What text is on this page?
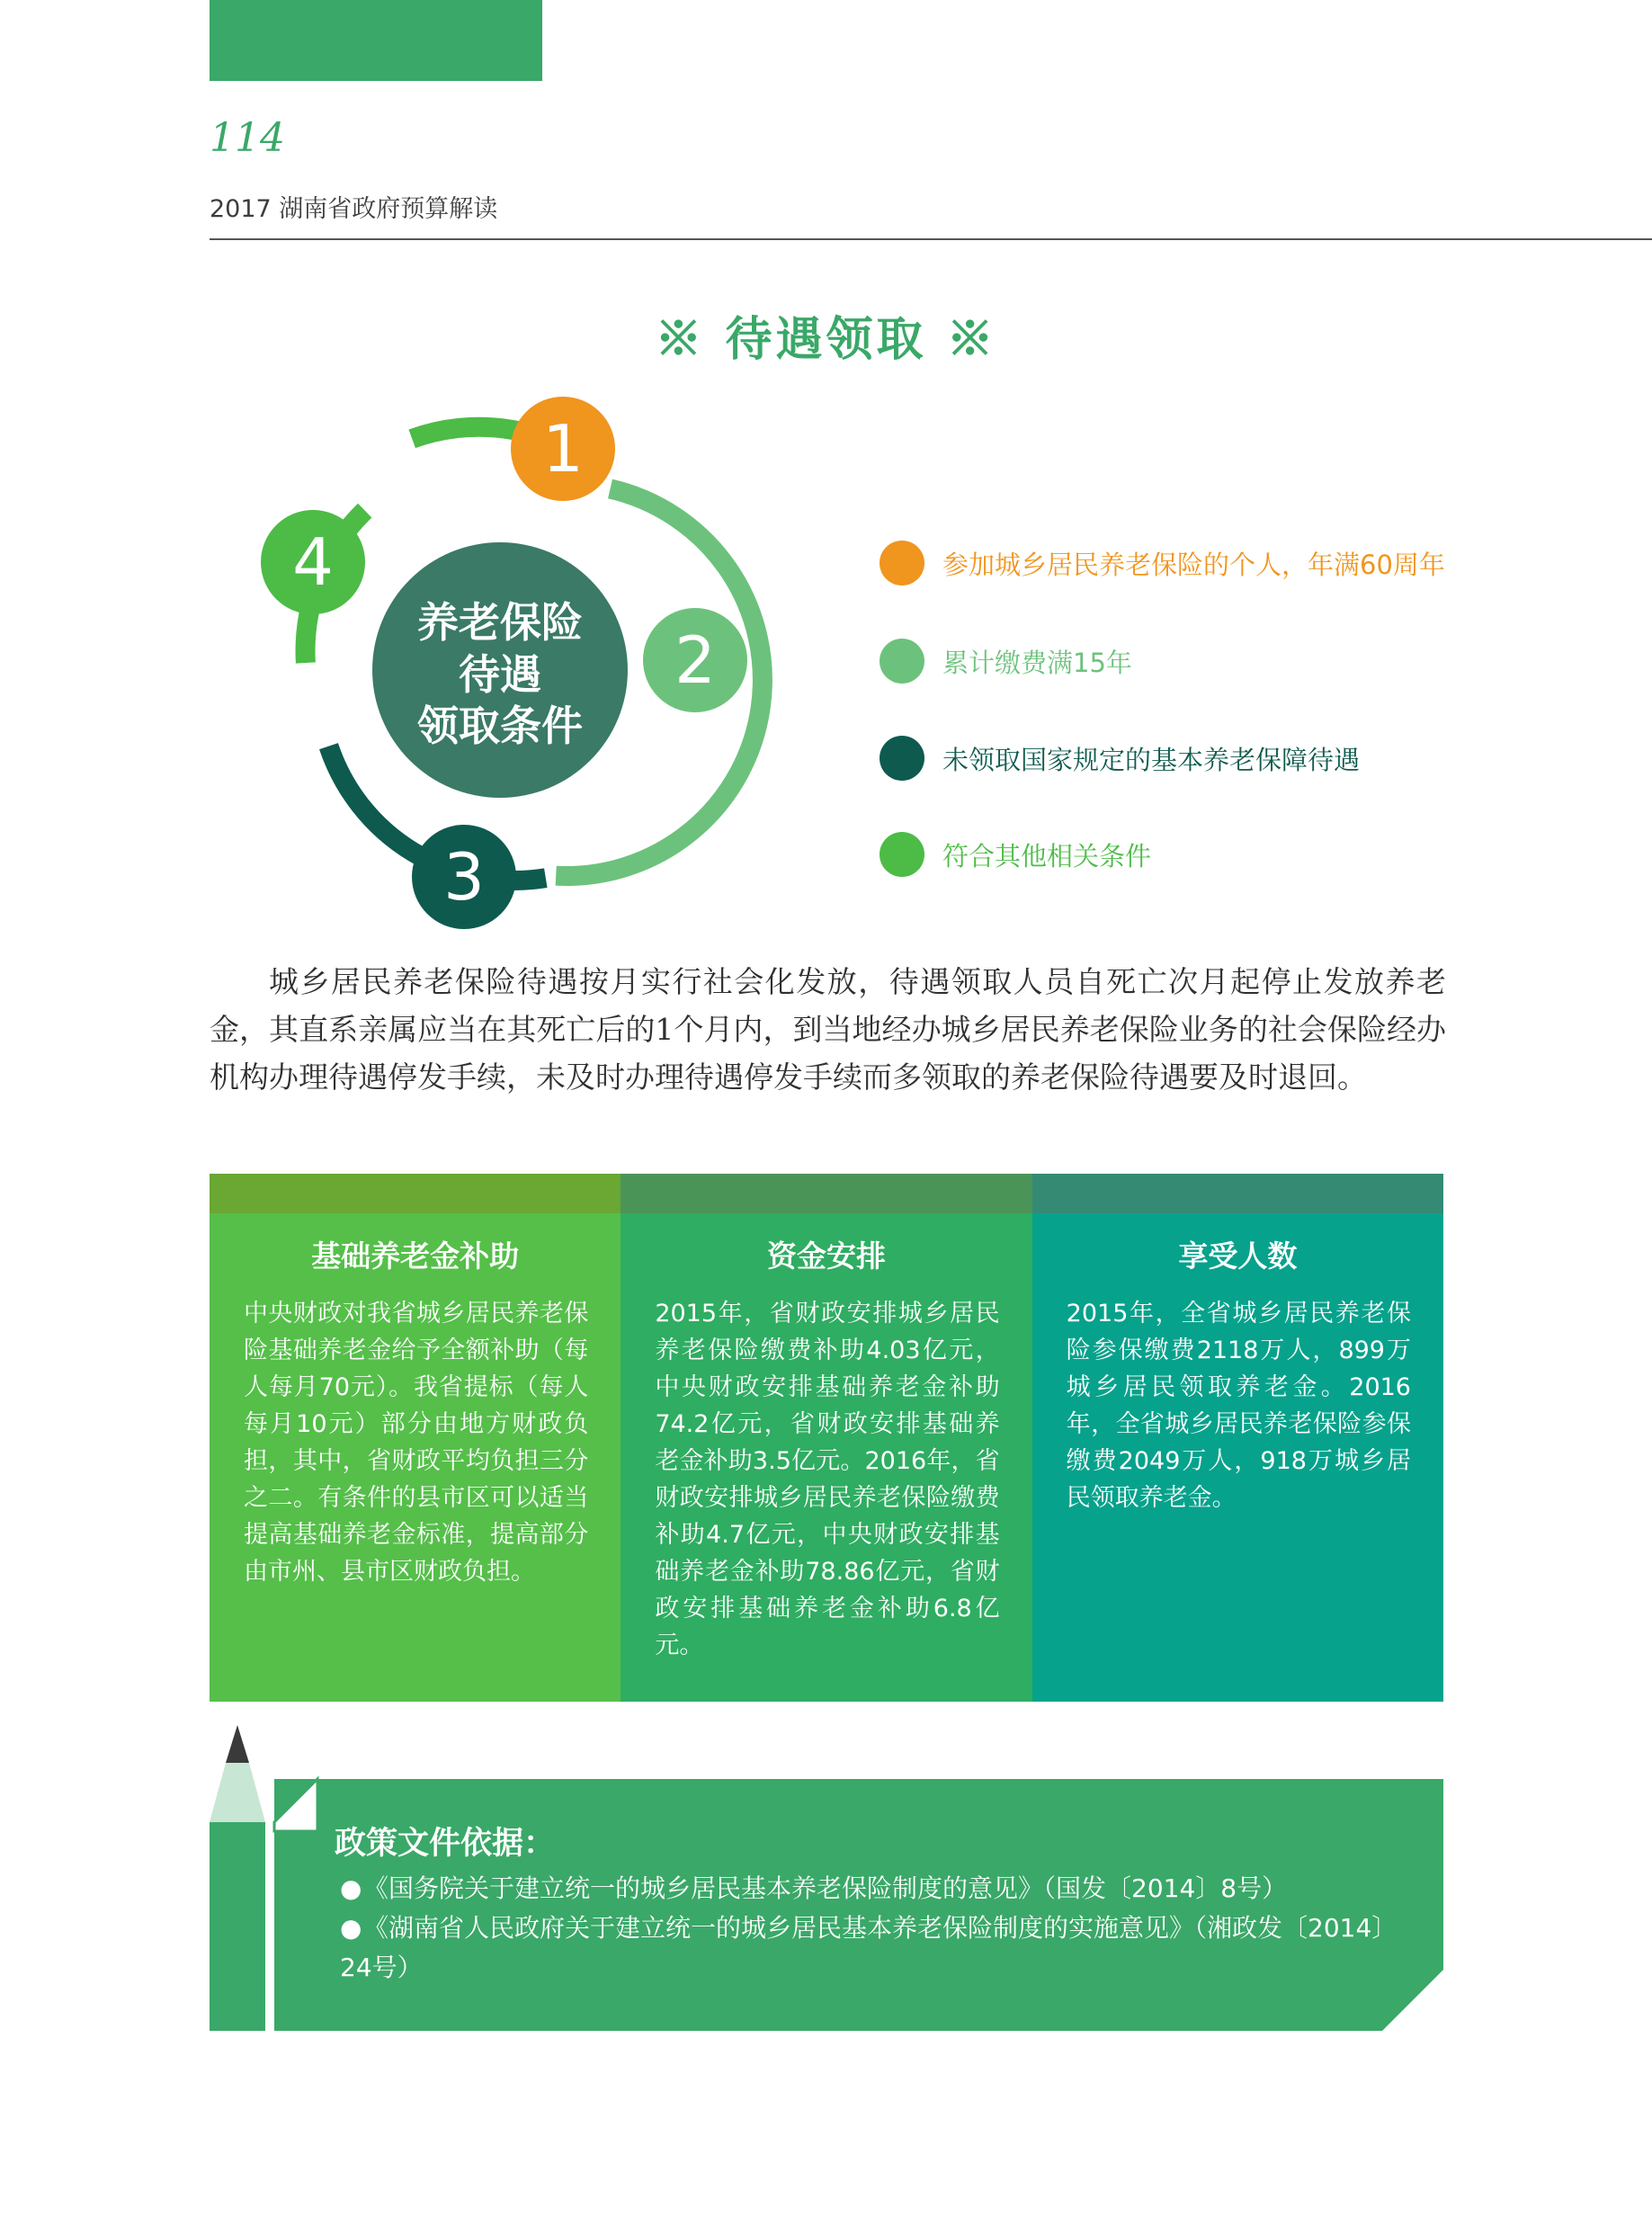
114
2017 湖南省政府预算解读
※ 待遇领取 ※
养老保险
待遇
领取条件
1
2
3
4	参加城乡居民养老保险的个人，年满60周年
累计缴费满15年
未领取国家规定的基本养老保障待遇
符合其他相关条件
城乡居民养老保险待遇按月实行社会化发放，待遇领取人员自死亡次月起停止发放养老金，其直系亲属应当在其死亡后的1个月内，到当地经办城乡居民养老保险业务的社会保险经办机构办理待遇停发手续，未及时办理待遇停发手续而多领取的养老保险待遇要及时退回。
基础养老金补助
中央财政对我省城乡居民养老保险基础养老金给予全额补助（每人每月70元）。我省提标（每人每月10元）部分由地方财政负担，其中，省财政平均负担三分之二。有条件的县市区可以适当提高基础养老金标准，提高部分由市州、县市区财政负担。
资金安排
2015年，省财政安排城乡居民养老保险缴费补助4.03亿元，中央财政安排基础养老金补助74.2亿元，省财政安排基础养老金补助3.5亿元。2016年，省财政安排城乡居民养老保险缴费补助4.7亿元，中央财政安排基础养老金补助78.86亿元，省财政安排基础养老金补助6.8亿元。
享受人数
2015年，全省城乡居民养老保险参保缴费2118万人，899万城乡居民领取养老金。2016年，全省城乡居民养老保险参保缴费2049万人，918万城乡居民领取养老金。
政策文件依据：
●《国务院关于建立统一的城乡居民基本养老保险制度的意见》（国发〔2014〕8号）
●《湖南省人民政府关于建立统一的城乡居民基本养老保险制度的实施意见》（湘政发〔2014〕24号）
